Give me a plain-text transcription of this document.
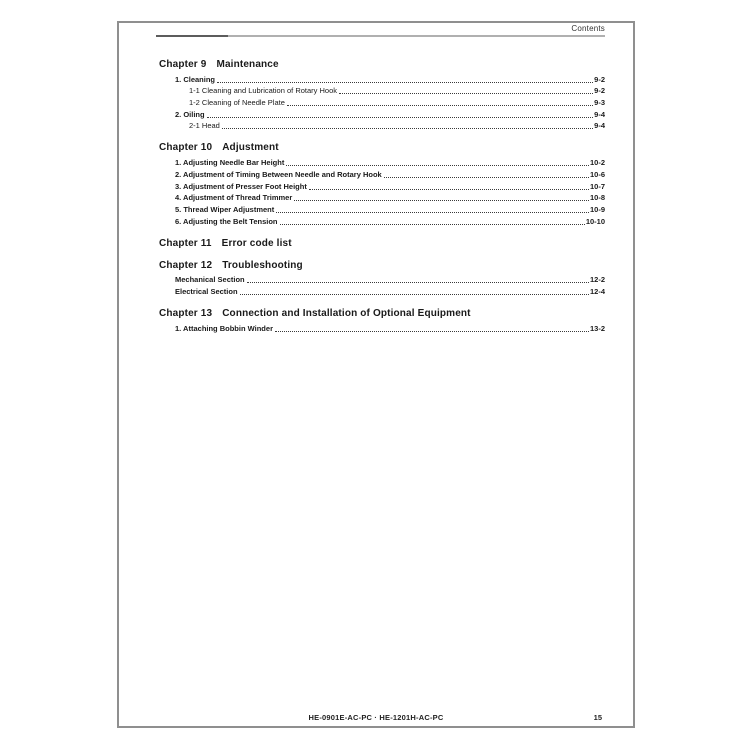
Contents
Chapter 9 Maintenance
1. Cleaning	9-2
1-1 Cleaning and Lubrication of Rotary Hook	9-2
1-2 Cleaning of Needle Plate	9-3
2. Oiling	9-4
2-1 Head	9-4
Chapter 10 Adjustment
1. Adjusting Needle Bar Height	10-2
2. Adjustment of Timing Between Needle and Rotary Hook	10-6
3. Adjustment of Presser Foot Height	10-7
4. Adjustment of Thread Trimmer	10-8
5. Thread Wiper Adjustment	10-9
6. Adjusting the Belt Tension	10-10
Chapter 11 Error code list
Chapter 12 Troubleshooting
Mechanical Section	12-2
Electrical Section	12-4
Chapter 13 Connection and Installation of Optional Equipment
1. Attaching Bobbin Winder	13-2
HE-0901E-AC-PC · HE-1201H-AC-PC	15
